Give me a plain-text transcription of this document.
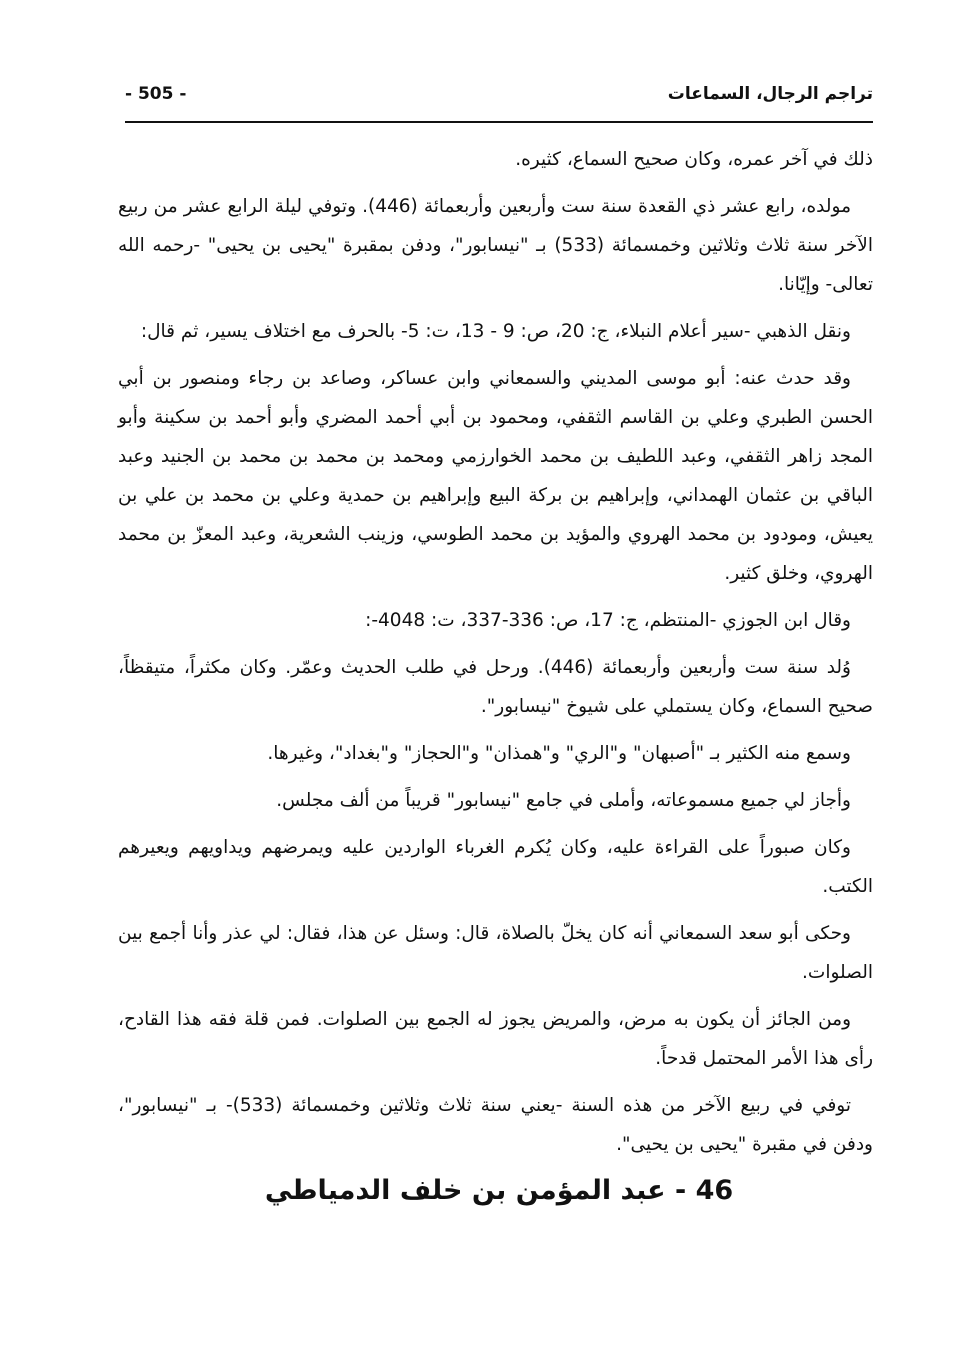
تراجم الرجال، السماعات
- 505 -

ذلك في آخر عمره، وكان صحيح السماع، كثيره.

مولده، رابع عشر ذي القعدة سنة ست وأربعين وأربعمائة (446). وتوفي ليلة الرابع عشر من ربيع الآخر سنة ثلاث وثلاثين وخمسمائة (533) بـ "نيسابور"، ودفن بمقبرة "يحيى بن يحيى" -رحمه الله تعالى- وإيّانا.

ونقل الذهبي -سير أعلام النبلاء، ج: 20، ص: 9 - 13، ت: 5- بالحرف مع اختلاف يسير، ثم قال:

وقد حدث عنه: أبو موسى المديني والسمعاني وابن عساكر، وصاعد بن رجاء ومنصور بن أبي الحسن الطبري وعلي بن القاسم الثقفي، ومحمود بن أبي أحمد المضري وأبو أحمد بن سكينة وأبو المجد زاهر الثقفي، وعبد اللطيف بن محمد الخوارزمي ومحمد بن محمد بن محمد بن الجنيد وعبد الباقي بن عثمان الهمداني، وإبراهيم بن بركة البيع وإبراهيم بن حمدية وعلي بن محمد بن علي بن يعيش، ومودود بن محمد الهروي والمؤيد بن محمد الطوسي، وزينب الشعرية، وعبد المعزّ بن محمد الهروي، وخلق كثير.

وقال ابن الجوزي -المنتظم، ج: 17، ص: 336-337، ت: 4048-:

وُلد سنة ست وأربعين وأربعمائة (446). ورحل في طلب الحديث وعمّر. وكان مكثراً، متيقظاً، صحيح السماع، وكان يستملي على شيوخ "نيسابور".

وسمع منه الكثير بـ "أصبهان" و"الري" و"همذان" و"الحجاز" و"بغداد"، وغيرها.

وأجاز لي جميع مسموعاته، وأملى في جامع "نيسابور" قريباً من ألف مجلس.

وكان صبوراً على القراءة عليه، وكان يُكرم الغرباء الواردين عليه ويمرضهم ويداويهم ويعيرهم الكتب.

وحكى أبو سعد السمعاني أنه كان يخلّ بالصلاة، قال: وسئل عن هذا، فقال: لي عذر وأنا أجمع بين الصلوات.

ومن الجائز أن يكون به مرض، والمريض يجوز له الجمع بين الصلوات. فمن قلة فقه هذا القادح، رأى هذا الأمر المحتمل قدحاً.

توفي في ربيع الآخر من هذه السنة -يعني سنة ثلاث وثلاثين وخمسمائة (533)- بـ "نيسابور"، ودفن في مقبرة "يحيى بن يحيى".

46 - عبد المؤمن بن خلف الدمياطي
